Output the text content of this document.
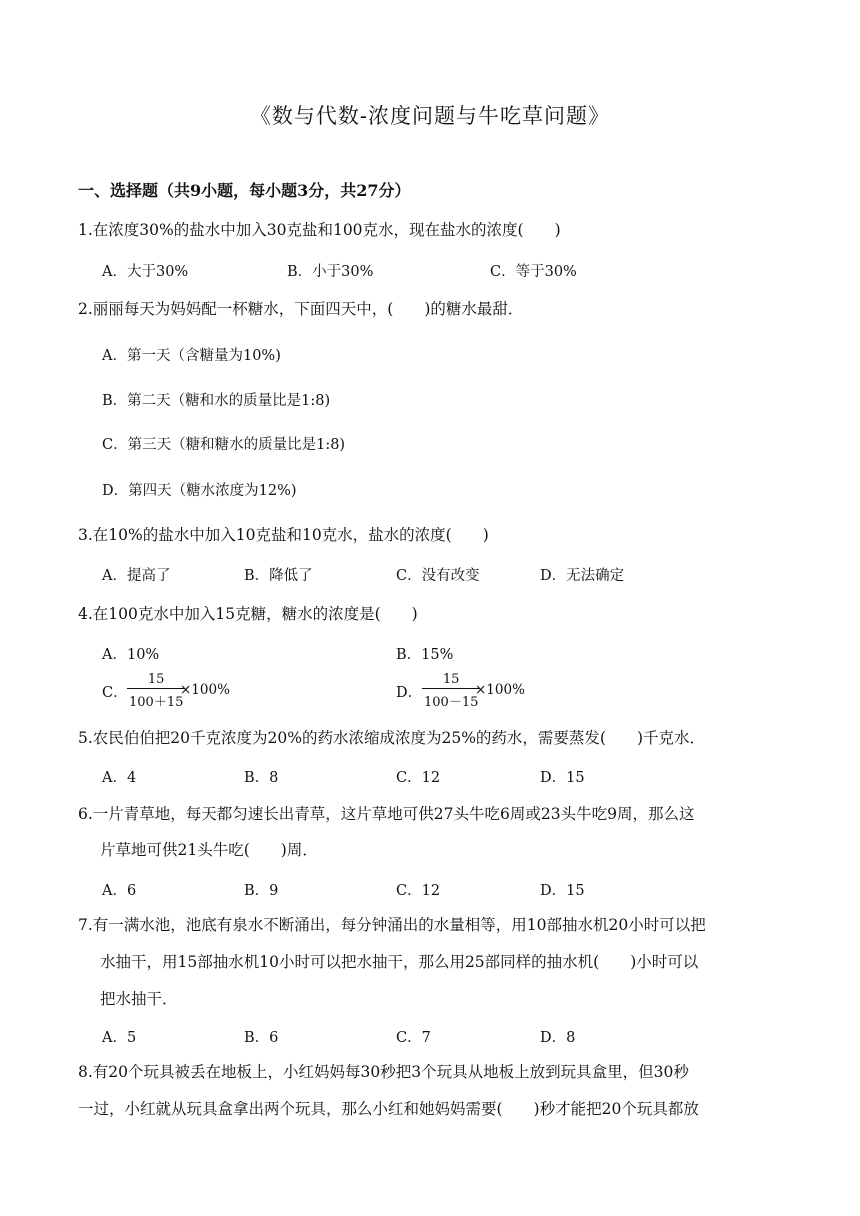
《数与代数-浓度问题与牛吃草问题》
一、选择题（共9小题，每小题3分，共27分）
1.在浓度30%的盐水中加入30克盐和100克水，现在盐水的浓度(　　)
A．大于30%	B．小于30%	C．等于30%
2.丽丽每天为妈妈配一杯糖水，下面四天中，(　　)的糖水最甜．
A．第一天（含糖量为10%)
B．第二天（糖和水的质量比是1:8)
C．第三天（糖和糖水的质量比是1:8)
D．第四天（糖水浓度为12%)
3.在10%的盐水中加入10克盐和10克水，盐水的浓度(　　)
A．提高了	B．降低了	C．没有改变	D．无法确定
4.在100克水中加入15克糖，糖水的浓度是(　　)
A．10%	B．15%
C．
15
100＋15
×100%	D．
15
100－15
×100%
5.农民伯伯把20千克浓度为20%的药水浓缩成浓度为25%的药水，需要蒸发(　　)千克水．
A．4	B．8	C．12	D．15
6.一片青草地，每天都匀速长出青草，这片草地可供27头牛吃6周或23头牛吃9周，那么这
片草地可供21头牛吃(　　)周．
A．6	B．9	C．12	D．15
7.有一满水池，池底有泉水不断涌出，每分钟涌出的水量相等，用10部抽水机20小时可以把
水抽干，用15部抽水机10小时可以把水抽干，那么用25部同样的抽水机(　　)小时可以
把水抽干．
A．5	B．6	C．7	D．8
8.有20个玩具被丢在地板上，小红妈妈每30秒把3个玩具从地板上放到玩具盒里，但30秒
一过，小红就从玩具盒拿出两个玩具，那么小红和她妈妈需要(　　)秒才能把20个玩具都放
